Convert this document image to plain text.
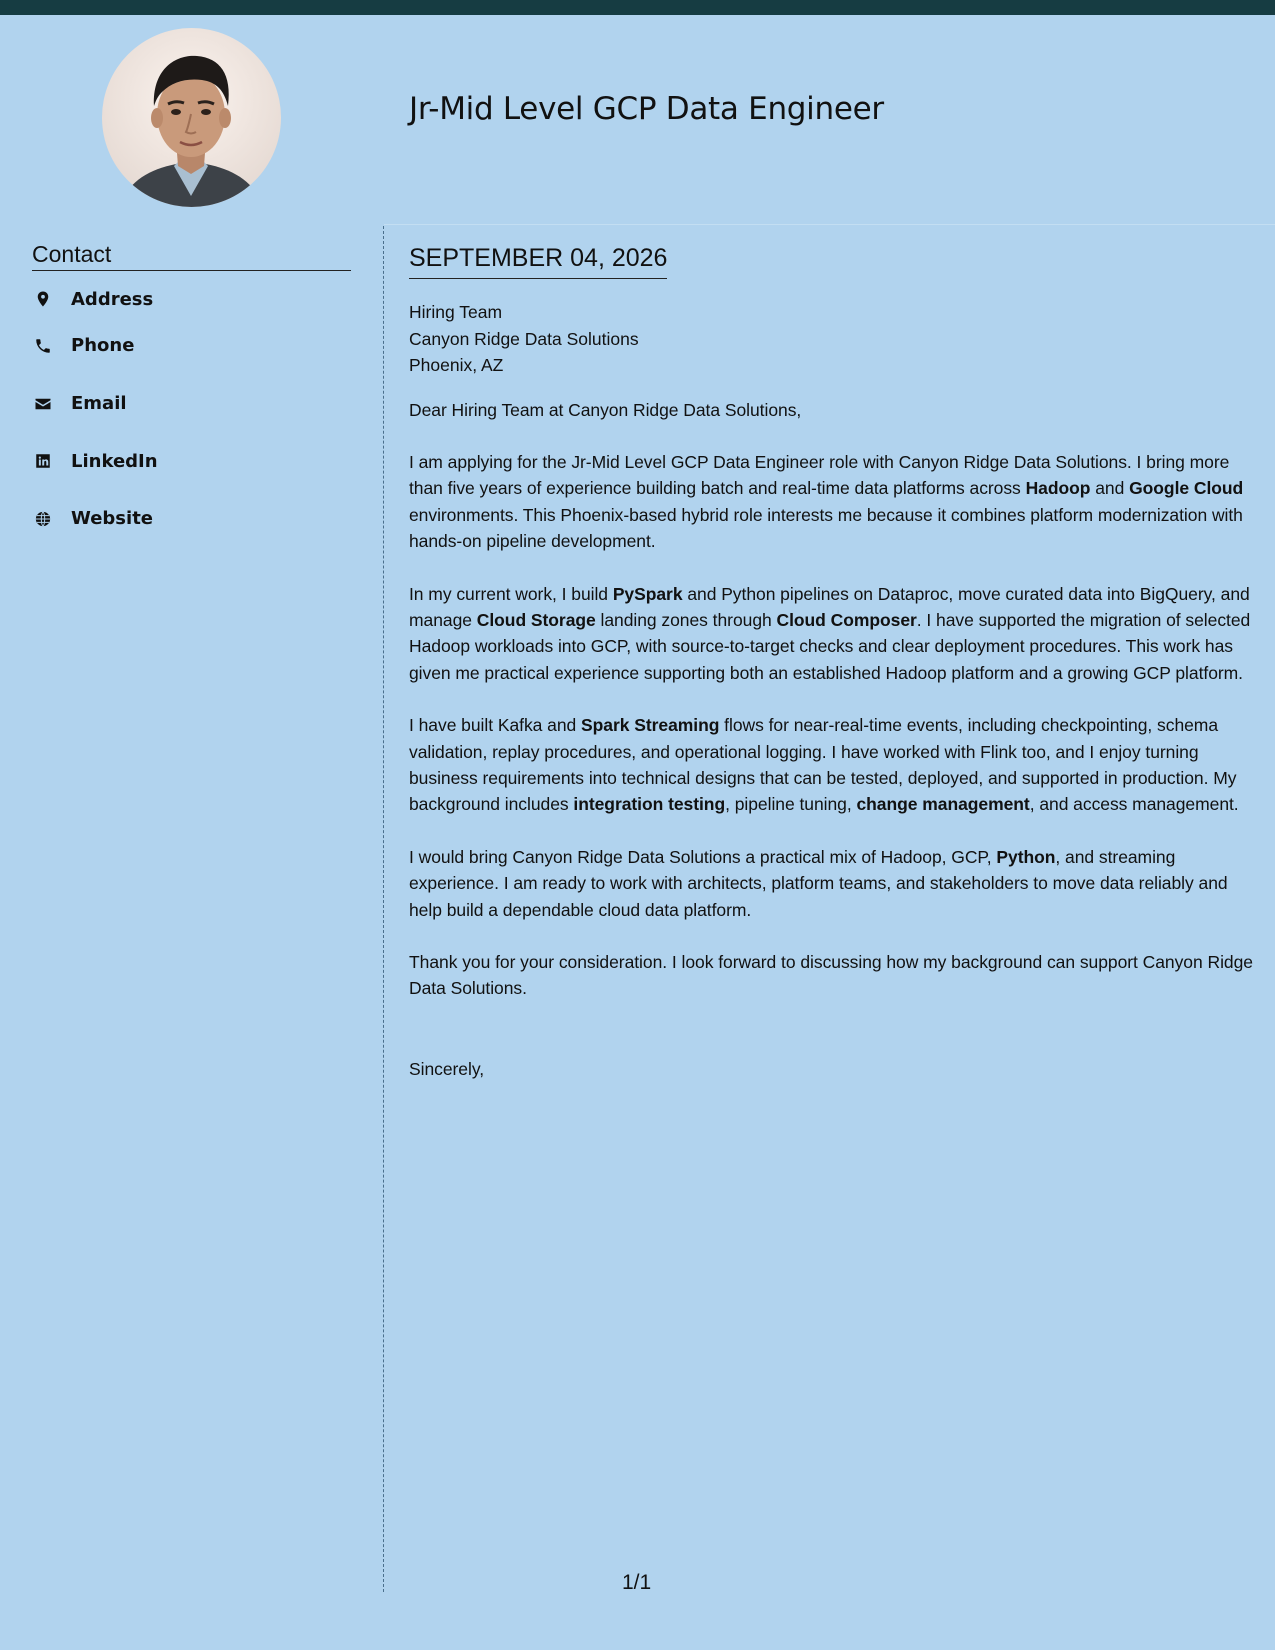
Jr-Mid Level GCP Data Engineer
Contact
Address
Phone
Email
LinkedIn
Website
SEPTEMBER 04, 2026
Hiring Team
Canyon Ridge Data Solutions
Phoenix, AZ

Dear Hiring Team at Canyon Ridge Data Solutions,

I am applying for the Jr-Mid Level GCP Data Engineer role with Canyon Ridge Data Solutions. I bring more than five years of experience building batch and real-time data platforms across Hadoop and Google Cloud environments. This Phoenix-based hybrid role interests me because it combines platform modernization with hands-on pipeline development.

In my current work, I build PySpark and Python pipelines on Dataproc, move curated data into BigQuery, and manage Cloud Storage landing zones through Cloud Composer. I have supported the migration of selected Hadoop workloads into GCP, with source-to-target checks and clear deployment procedures. This work has given me practical experience supporting both an established Hadoop platform and a growing GCP platform.

I have built Kafka and Spark Streaming flows for near-real-time events, including checkpointing, schema validation, replay procedures, and operational logging. I have worked with Flink too, and I enjoy turning business requirements into technical designs that can be tested, deployed, and supported in production. My background includes integration testing, pipeline tuning, change management, and access management.

I would bring Canyon Ridge Data Solutions a practical mix of Hadoop, GCP, Python, and streaming experience. I am ready to work with architects, platform teams, and stakeholders to move data reliably and help build a dependable cloud data platform.

Thank you for your consideration. I look forward to discussing how my background can support Canyon Ridge Data Solutions.

Sincerely,

1/1
